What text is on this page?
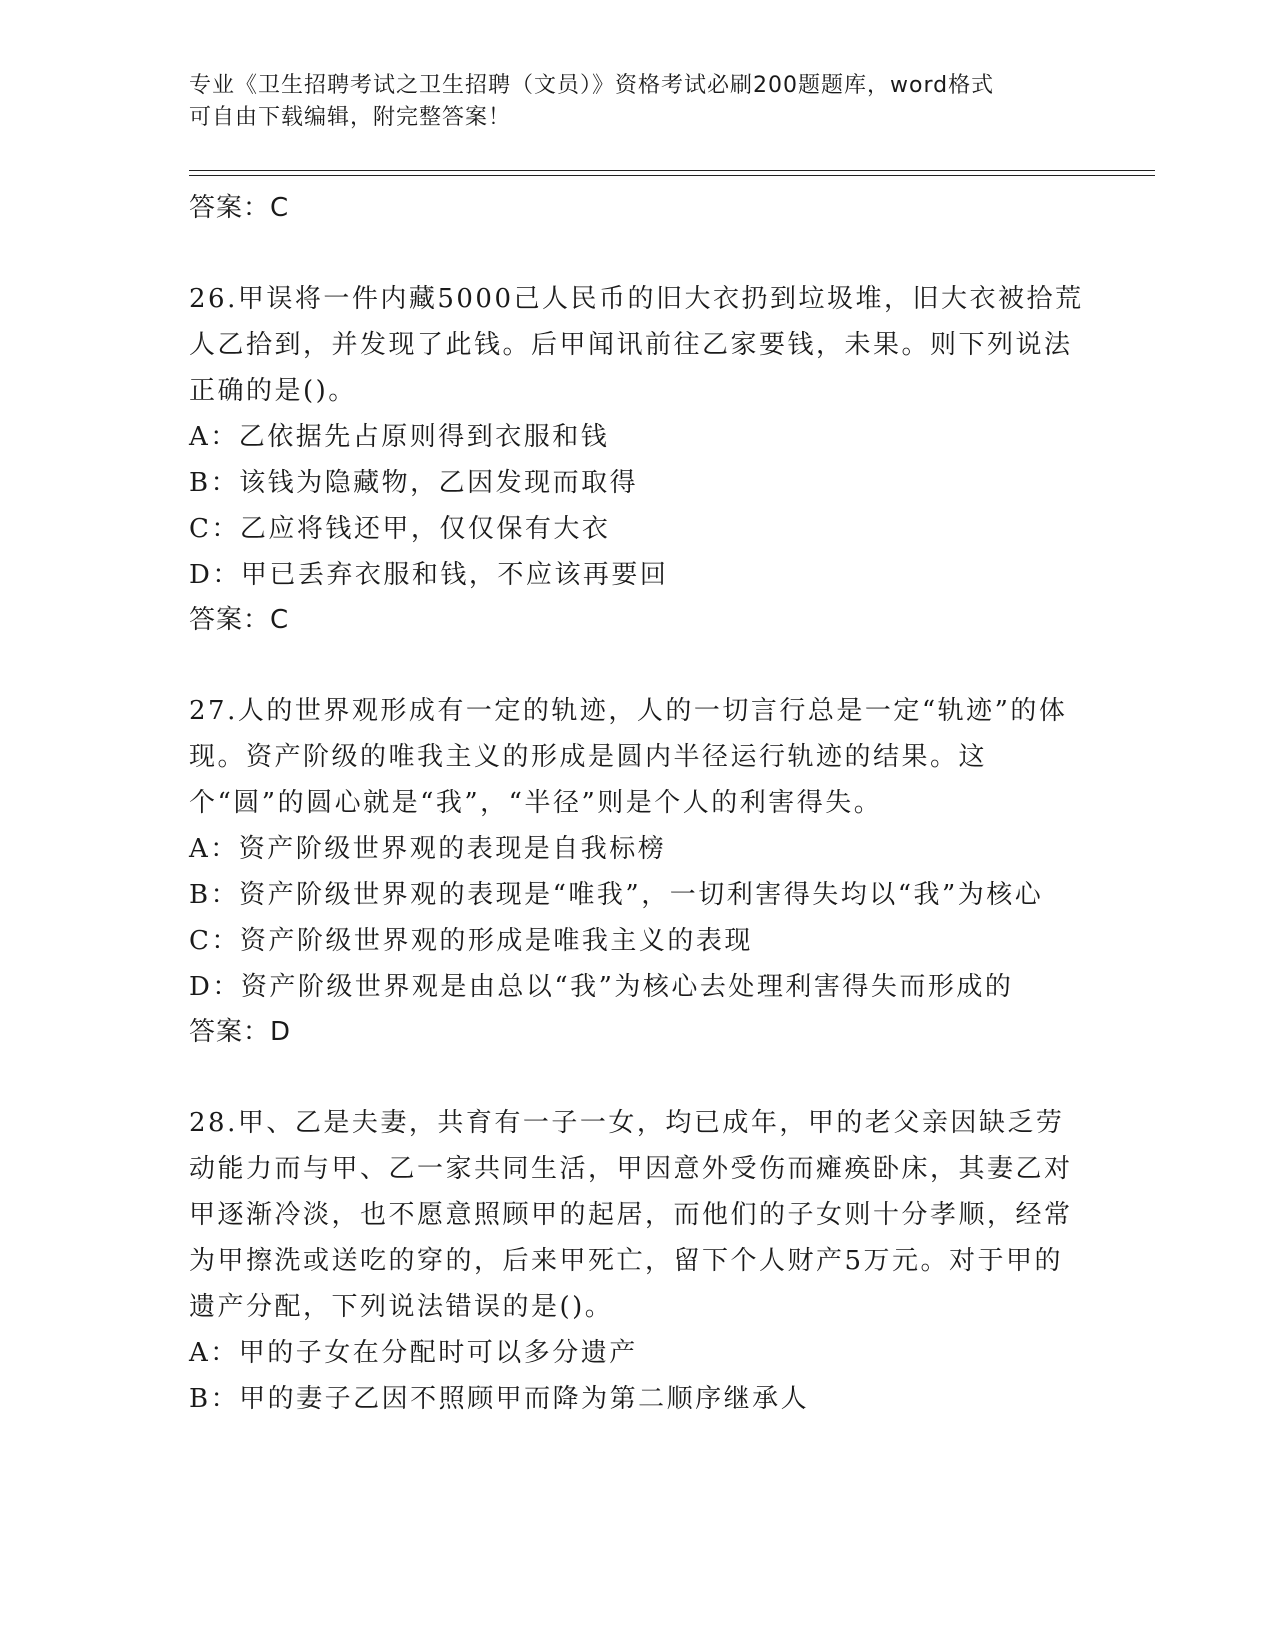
专业《卫生招聘考试之卫生招聘（文员）》资格考试必刷200题题库，word格式
可自由下载编辑，附完整答案！

答案：C

26.甲误将一件内藏5000己人民币的旧大衣扔到垃圾堆，旧大衣被拾荒人乙拾到，并发现了此钱。后甲闻讯前往乙家要钱，未果。则下列说法正确的是()。

A：乙依据先占原则得到衣服和钱

B：该钱为隐藏物，乙因发现而取得

C：乙应将钱还甲，仅仅保有大衣

D：甲已丢弃衣服和钱，不应该再要回

答案：C

27.人的世界观形成有一定的轨迹，人的一切言行总是一定“轨迹”的体现。资产阶级的唯我主义的形成是圆内半径运行轨迹的结果。这个“圆”的圆心就是“我”，“半径”则是个人的利害得失。

A：资产阶级世界观的表现是自我标榜

B：资产阶级世界观的表现是“唯我”，一切利害得失均以“我”为核心

C：资产阶级世界观的形成是唯我主义的表现

D：资产阶级世界观是由总以“我”为核心去处理利害得失而形成的

答案：D

28.甲、乙是夫妻，共育有一子一女，均已成年，甲的老父亲因缺乏劳动能力而与甲、乙一家共同生活，甲因意外受伤而瘫痪卧床，其妻乙对甲逐渐冷淡，也不愿意照顾甲的起居，而他们的子女则十分孝顺，经常为甲擦洗或送吃的穿的，后来甲死亡，留下个人财产5万元。对于甲的遗产分配，下列说法错误的是()。

A：甲的子女在分配时可以多分遗产

B：甲的妻子乙因不照顾甲而降为第二顺序继承人
